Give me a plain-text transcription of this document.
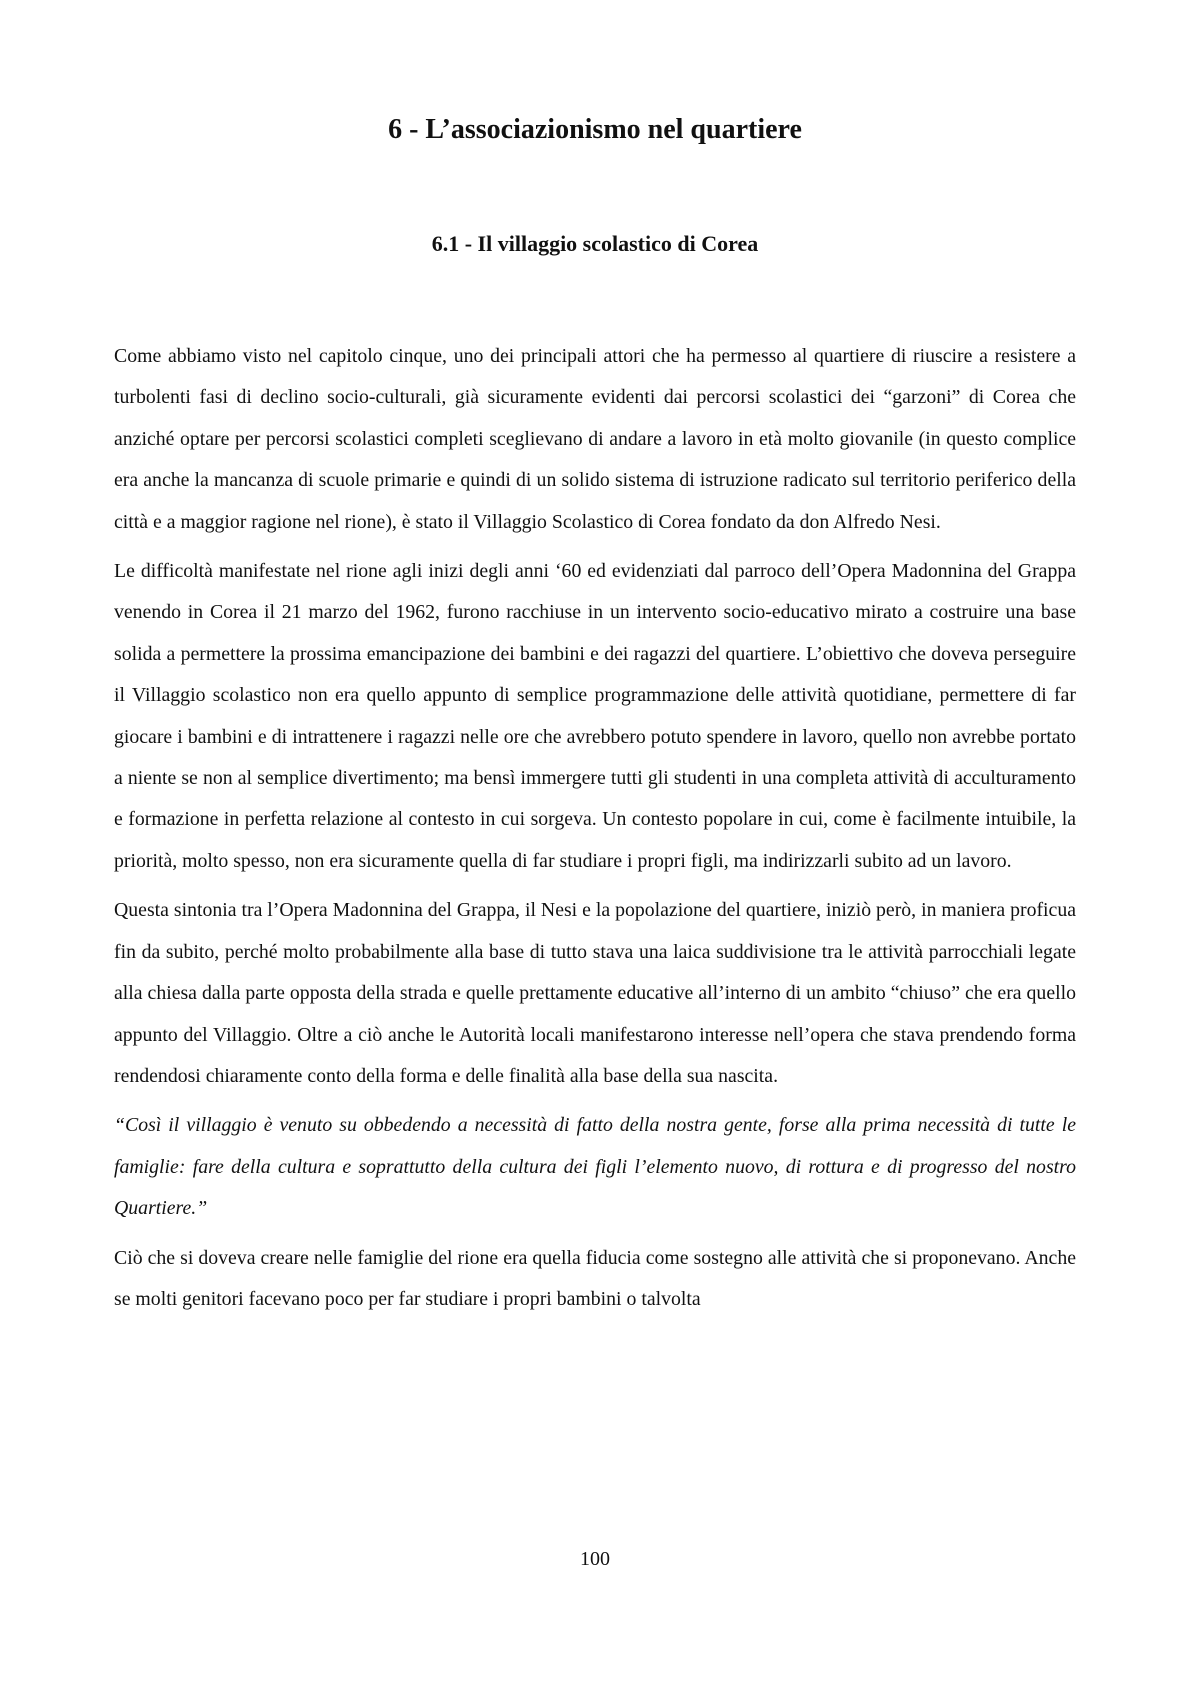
6 - L’associazionismo nel quartiere
6.1 - Il villaggio scolastico di Corea

Come abbiamo visto nel capitolo cinque, uno dei principali attori che ha permesso al quartiere di riuscire a resistere a turbolenti fasi di declino socio-culturali, già sicuramente evidenti dai percorsi scolastici dei “garzoni” di Corea che anziché optare per percorsi scolastici completi sceglievano di andare a lavoro in età molto giovanile (in questo complice era anche la mancanza di scuole primarie e quindi di un solido sistema di istruzione radicato sul territorio periferico della città e a maggior ragione nel rione), è stato il Villaggio Scolastico di Corea fondato da don Alfredo Nesi.

Le difficoltà manifestate nel rione agli inizi degli anni ‘60 ed evidenziati dal parroco dell’Opera Madonnina del Grappa venendo in Corea il 21 marzo del 1962, furono racchiuse in un intervento socio-educativo mirato a costruire una base solida a permettere la prossima emancipazione dei bambini e dei ragazzi del quartiere. L’obiettivo che doveva perseguire il Villaggio scolastico non era quello appunto di semplice programmazione delle attività quotidiane, permettere di far giocare i bambini e di intrattenere i ragazzi nelle ore che avrebbero potuto spendere in lavoro, quello non avrebbe portato a niente se non al semplice divertimento; ma bensì immergere tutti gli studenti in una completa attività di acculturamento e formazione in perfetta relazione al contesto in cui sorgeva. Un contesto popolare in cui, come è facilmente intuibile, la priorità, molto spesso, non era sicuramente quella di far studiare i propri figli, ma indirizzarli subito ad un lavoro.

Questa sintonia tra l’Opera Madonnina del Grappa, il Nesi e la popolazione del quartiere, iniziò però, in maniera proficua fin da subito, perché molto probabilmente alla base di tutto stava una laica suddivisione tra le attività parrocchiali legate alla chiesa dalla parte opposta della strada e quelle prettamente educative all’interno di un ambito “chiuso” che era quello appunto del Villaggio. Oltre a ciò anche le Autorità locali manifestarono interesse nell’opera che stava prendendo forma rendendosi chiaramente conto della forma e delle finalità alla base della sua nascita.

“Così il villaggio è venuto su obbedendo a necessità di fatto della nostra gente, forse alla prima necessità di tutte le famiglie: fare della cultura e soprattutto della cultura dei figli l’elemento nuovo, di rottura e di progresso del nostro Quartiere.”

Ciò che si doveva creare nelle famiglie del rione era quella fiducia come sostegno alle attività che si proponevano. Anche se molti genitori facevano poco per far studiare i propri bambini o talvolta

100
